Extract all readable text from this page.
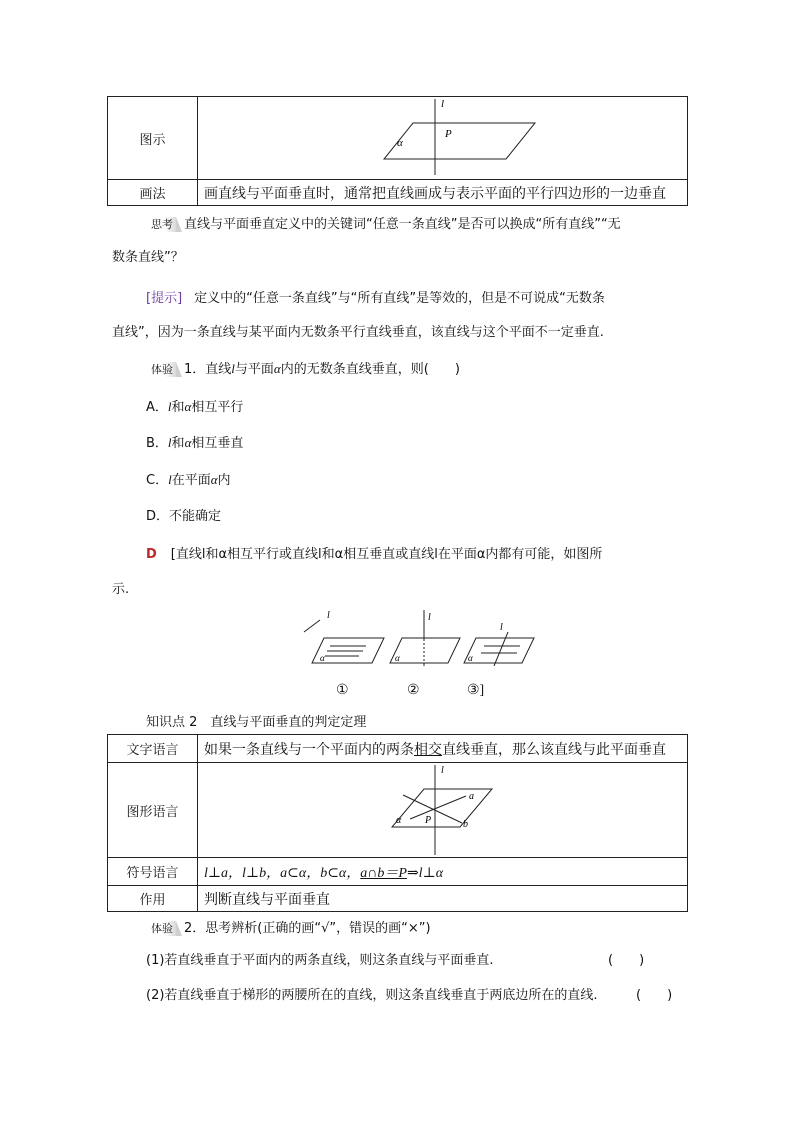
图示	l
P
α

画法	画直线与平面垂直时，通常把直线画成与表示平面的平行四边形的一边垂直
思考 直线与平面垂直定义中的关键词“任意一条直线”是否可以换成“所有直线”“无
数条直线”？
[提示] 定义中的“任意一条直线”与“所有直线”是等效的，但是不可说成“无数条
直线”，因为一条直线与某平面内无数条平行直线垂直，该直线与这个平面不一定垂直.
体验 1．直线l与平面α内的无数条直线垂直，则(　　)
A．l和α相互平行
B．l和α相互垂直
C．l在平面α内
D．不能确定
D [直线l和α相互平行或直线l和α相互垂直或直线l在平面α内都有可能，如图所
示.
l
α
l
α
l
α
①	②	③]
知识点 2　直线与平面垂直的判定定理
文字语言	如果一条直线与一个平面内的两条相交直线垂直，那么该直线与此平面垂直
图形语言	l
a
b
P
α

符号语言	l⊥a，l⊥b，a⊂α，b⊂α，a∩b＝P⇒l⊥α
作用	判断直线与平面垂直
体验 2．思考辨析(正确的画“√”，错误的画“×”)
(1)若直线垂直于平面内的两条直线，则这条直线与平面垂直.	(　　)
(2)若直线垂直于梯形的两腰所在的直线，则这条直线垂直于两底边所在的直线.	(　　)
